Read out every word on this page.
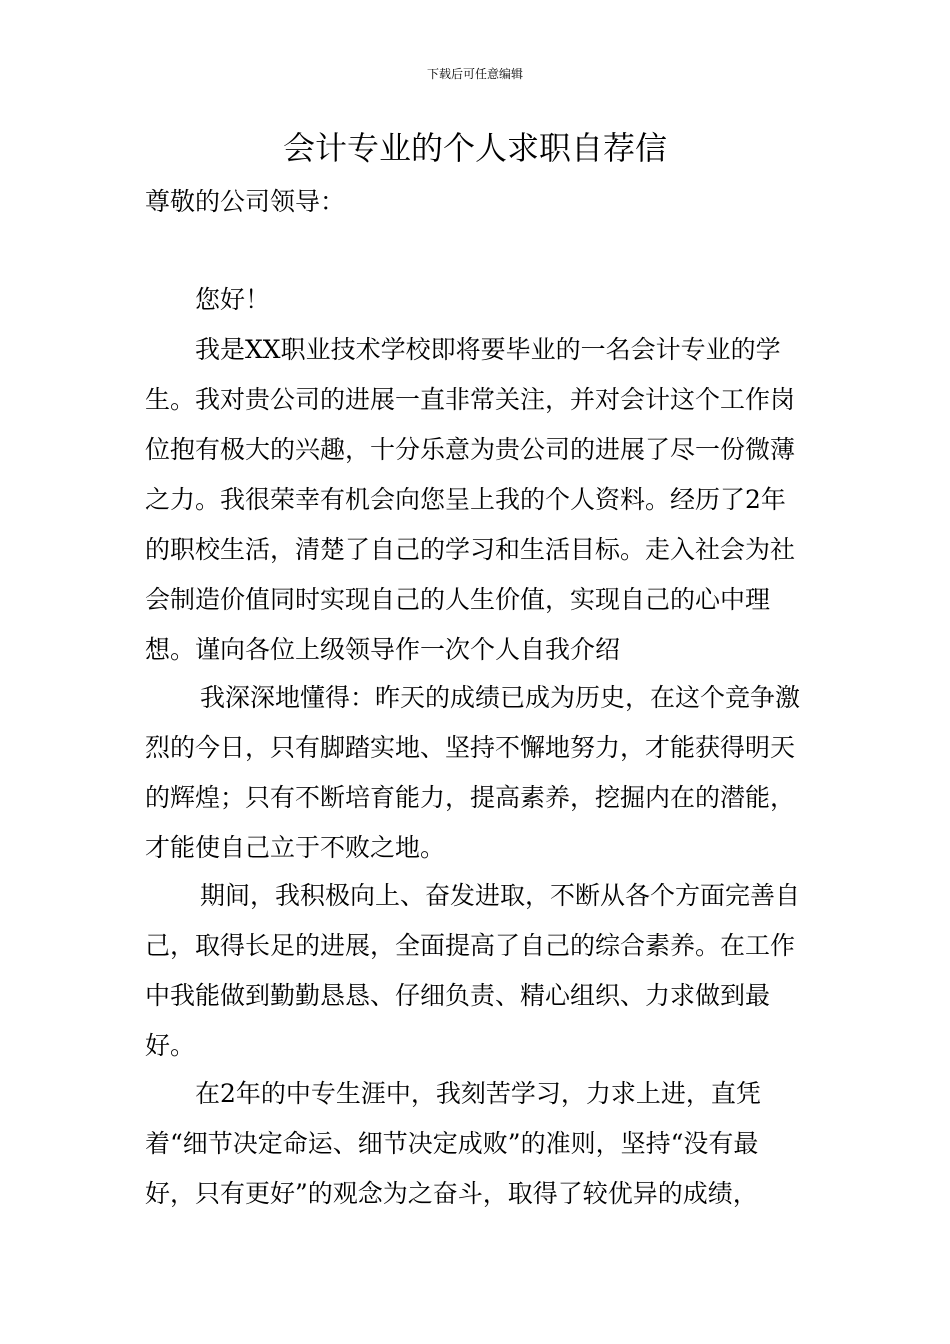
下载后可任意编辑
会计专业的个人求职自荐信

尊敬的公司领导：

您好！

我是XX职业技术学校即将要毕业的一名会计专业的学生。我对贵公司的进展一直非常关注，并对会计这个工作岗位抱有极大的兴趣，十分乐意为贵公司的进展了尽一份微薄之力。我很荣幸有机会向您呈上我的个人资料。经历了2年的职校生活，清楚了自己的学习和生活目标。走入社会为社会制造价值同时实现自己的人生价值，实现自己的心中理想。谨向各位上级领导作一次个人自我介绍

我深深地懂得：昨天的成绩已成为历史，在这个竞争激烈的今日，只有脚踏实地、坚持不懈地努力，才能获得明天的辉煌；只有不断培育能力，提高素养，挖掘内在的潜能，才能使自己立于不败之地。

期间，我积极向上、奋发进取，不断从各个方面完善自己，取得长足的进展，全面提高了自己的综合素养。在工作中我能做到勤勤恳恳、仔细负责、精心组织、力求做到最好。

在2年的中专生涯中，我刻苦学习，力求上进，直凭着“细节决定命运、细节决定成败”的准则，坚持“没有最好，只有更好”的观念为之奋斗，取得了较优异的成绩，
